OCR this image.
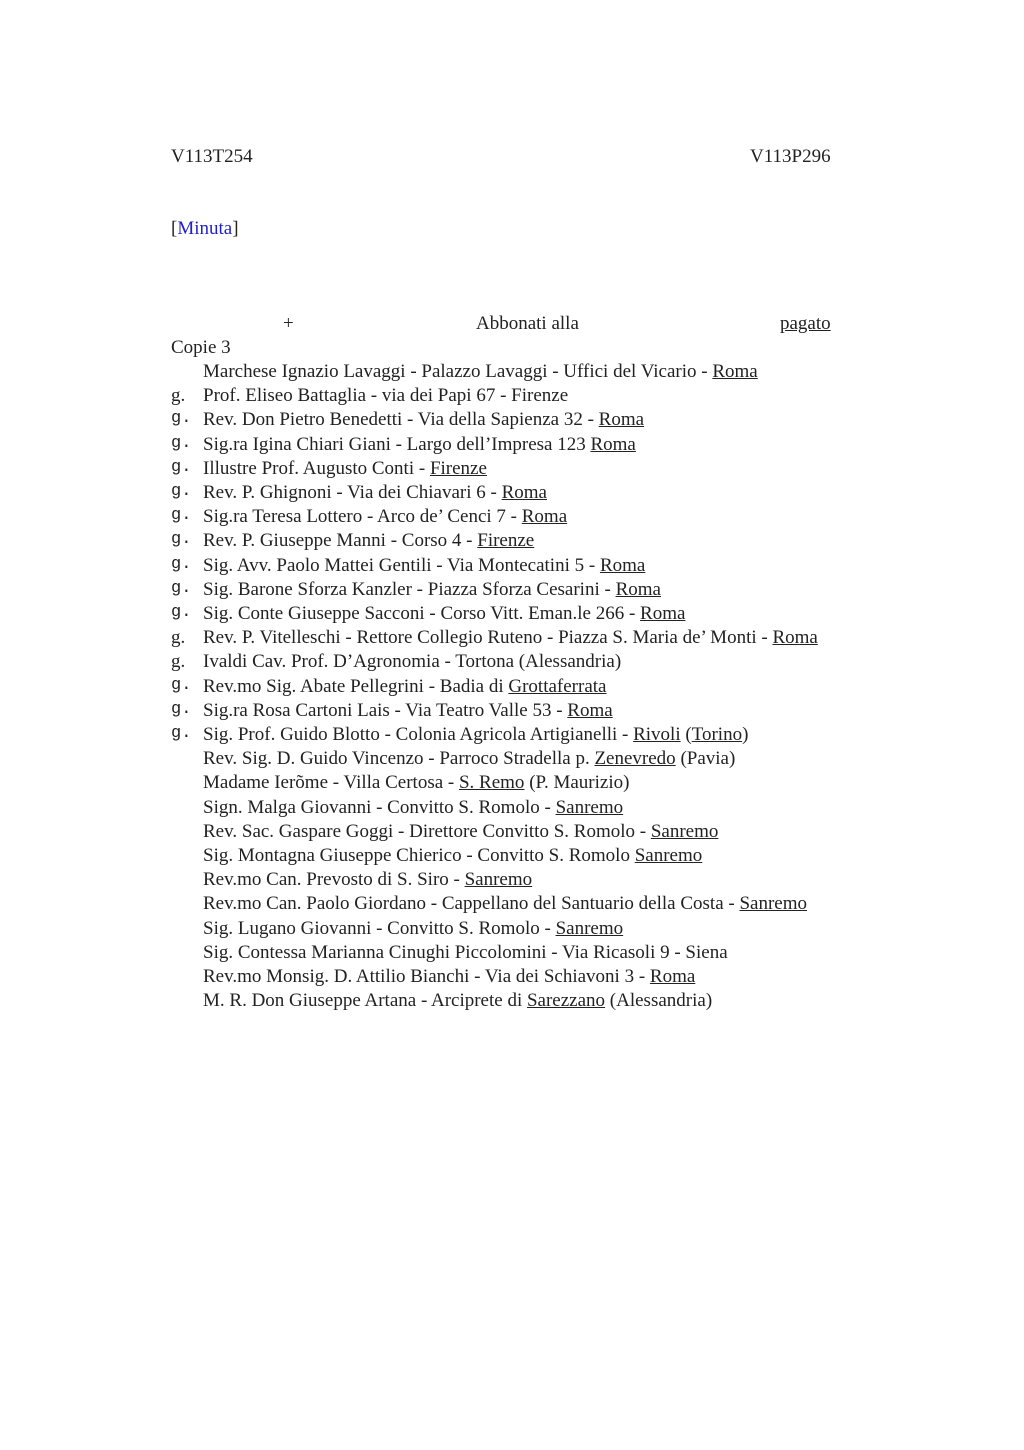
V113T254	V113P296
[Minuta]
+	Abbonati alla	pagato
Copie 3
Marchese Ignazio Lavaggi - Palazzo Lavaggi - Uffici del Vicario - Roma
g. Prof. Eliseo Battaglia - via dei Papi 67 - Firenze
g. Rev. Don Pietro Benedetti - Via della Sapienza 32 - Roma
g. Sig.ra Igina Chiari Giani - Largo dell’Impresa 123 Roma
g. Illustre Prof. Augusto Conti - Firenze
g. Rev. P. Ghignoni - Via dei Chiavari 6 - Roma
g. Sig.ra Teresa Lottero - Arco de’ Cenci 7 - Roma
g. Rev. P. Giuseppe Manni - Corso 4 - Firenze
g. Sig. Avv. Paolo Mattei Gentili - Via Montecatini 5 - Roma
g. Sig. Barone Sforza Kanzler - Piazza Sforza Cesarini - Roma
g. Sig. Conte Giuseppe Sacconi - Corso Vitt. Eman.le 266 - Roma
g. Rev. P. Vitelleschi - Rettore Collegio Ruteno - Piazza S. Maria de’ Monti - Roma
g. Ivaldi Cav. Prof. D’Agronomia - Tortona (Alessandria)
g. Rev.mo Sig. Abate Pellegrini - Badia di Grottaferrata
g. Sig.ra Rosa Cartoni Lais - Via Teatro Valle 53 - Roma
g. Sig. Prof. Guido Blotto - Colonia Agricola Artigianelli - Rivoli (Torino)
Rev. Sig. D. Guido Vincenzo - Parroco Stradella p. Zenevredo (Pavia)
Madame Ierõme - Villa Certosa - S. Remo (P. Maurizio)
Sign. Malga Giovanni - Convitto S. Romolo - Sanremo
Rev. Sac. Gaspare Goggi - Direttore Convitto S. Romolo - Sanremo
Sig. Montagna Giuseppe Chierico - Convitto S. Romolo Sanremo
Rev.mo Can. Prevosto di S. Siro - Sanremo
Rev.mo Can. Paolo Giordano - Cappellano del Santuario della Costa - Sanremo
Sig. Lugano Giovanni - Convitto S. Romolo - Sanremo
Sig. Contessa Marianna Cinughi Piccolomini - Via Ricasoli 9 - Siena
Rev.mo Monsig. D. Attilio Bianchi - Via dei Schiavoni 3 - Roma
M. R. Don Giuseppe Artana - Arciprete di Sarezzano (Alessandria)
